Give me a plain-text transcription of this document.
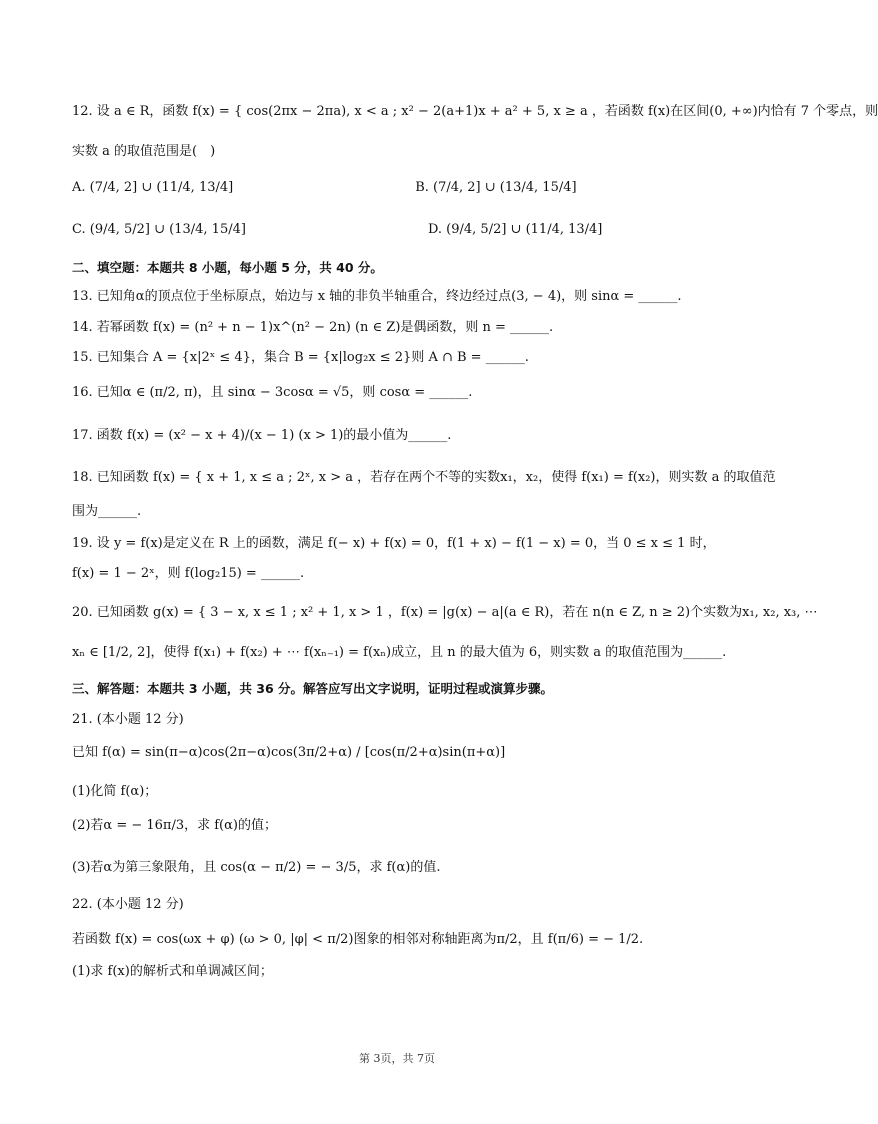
12. 设 a ∈ R，函数 f(x) = { cos(2πx − 2πa), x < a ; x² − 2(a+1)x + a² + 5, x ≥ a ，若函数 f(x)在区间(0, +∞)内恰有 7 个零点，则
实数 a 的取值范围是(　)
A. (7/4, 2] ∪ (11/4, 13/4]　　　　　　　　　　　　　　B. (7/4, 2] ∪ (13/4, 15/4]
C. (9/4, 5/2] ∪ (13/4, 15/4]　　　　　　　　　　　　　　D. (9/4, 5/2] ∪ (11/4, 13/4]
二、填空题：本题共 8 小题，每小题 5 分，共 40 分。
13. 已知角α的顶点位于坐标原点，始边与 x 轴的非负半轴重合，终边经过点(3, − 4)，则 sinα = ______.
14. 若幂函数 f(x) = (n² + n − 1)x^(n² − 2n) (n ∈ Z)是偶函数，则 n = ______.
15. 已知集合 A = {x|2ˣ ≤ 4}，集合 B = {x|log₂x ≤ 2}则 A ∩ B = ______.
16. 已知α ∈ (π/2, π)，且 sinα − 3cosα = √5，则 cosα = ______.
17. 函数 f(x) = (x² − x + 4)/(x − 1) (x > 1)的最小值为______.
18. 已知函数 f(x) = { x + 1, x ≤ a ; 2ˣ, x > a ，若存在两个不等的实数x₁，x₂，使得 f(x₁) = f(x₂)，则实数 a 的取值范
围为______.
19. 设 y = f(x)是定义在 R 上的函数，满足 f(− x) + f(x) = 0，f(1 + x) − f(1 − x) = 0，当 0 ≤ x ≤ 1 时，
f(x) = 1 − 2ˣ，则 f(log₂15) = ______.
20. 已知函数 g(x) = { 3 − x, x ≤ 1 ; x² + 1, x > 1 ，f(x) = |g(x) − a|(a ∈ R)，若在 n(n ∈ Z, n ≥ 2)个实数为x₁, x₂, x₃, ⋯
xₙ ∈ [1/2, 2]，使得 f(x₁) + f(x₂) + ⋯ f(xₙ₋₁) = f(xₙ)成立，且 n 的最大值为 6，则实数 a 的取值范围为______.
三、解答题：本题共 3 小题，共 36 分。解答应写出文字说明，证明过程或演算步骤。
21. (本小题 12 分)
已知 f(α) = sin(π−α)cos(2π−α)cos(3π/2+α) / [cos(π/2+α)sin(π+α)]
(1)化简 f(α)；
(2)若α = − 16π/3，求 f(α)的值；
(3)若α为第三象限角，且 cos(α − π/2) = − 3/5，求 f(α)的值.
22. (本小题 12 分)
若函数 f(x) = cos(ωx + φ) (ω > 0, |φ| < π/2)图象的相邻对称轴距离为π/2，且 f(π/6) = − 1/2.
(1)求 f(x)的解析式和单调减区间；
第 3页，共 7页
